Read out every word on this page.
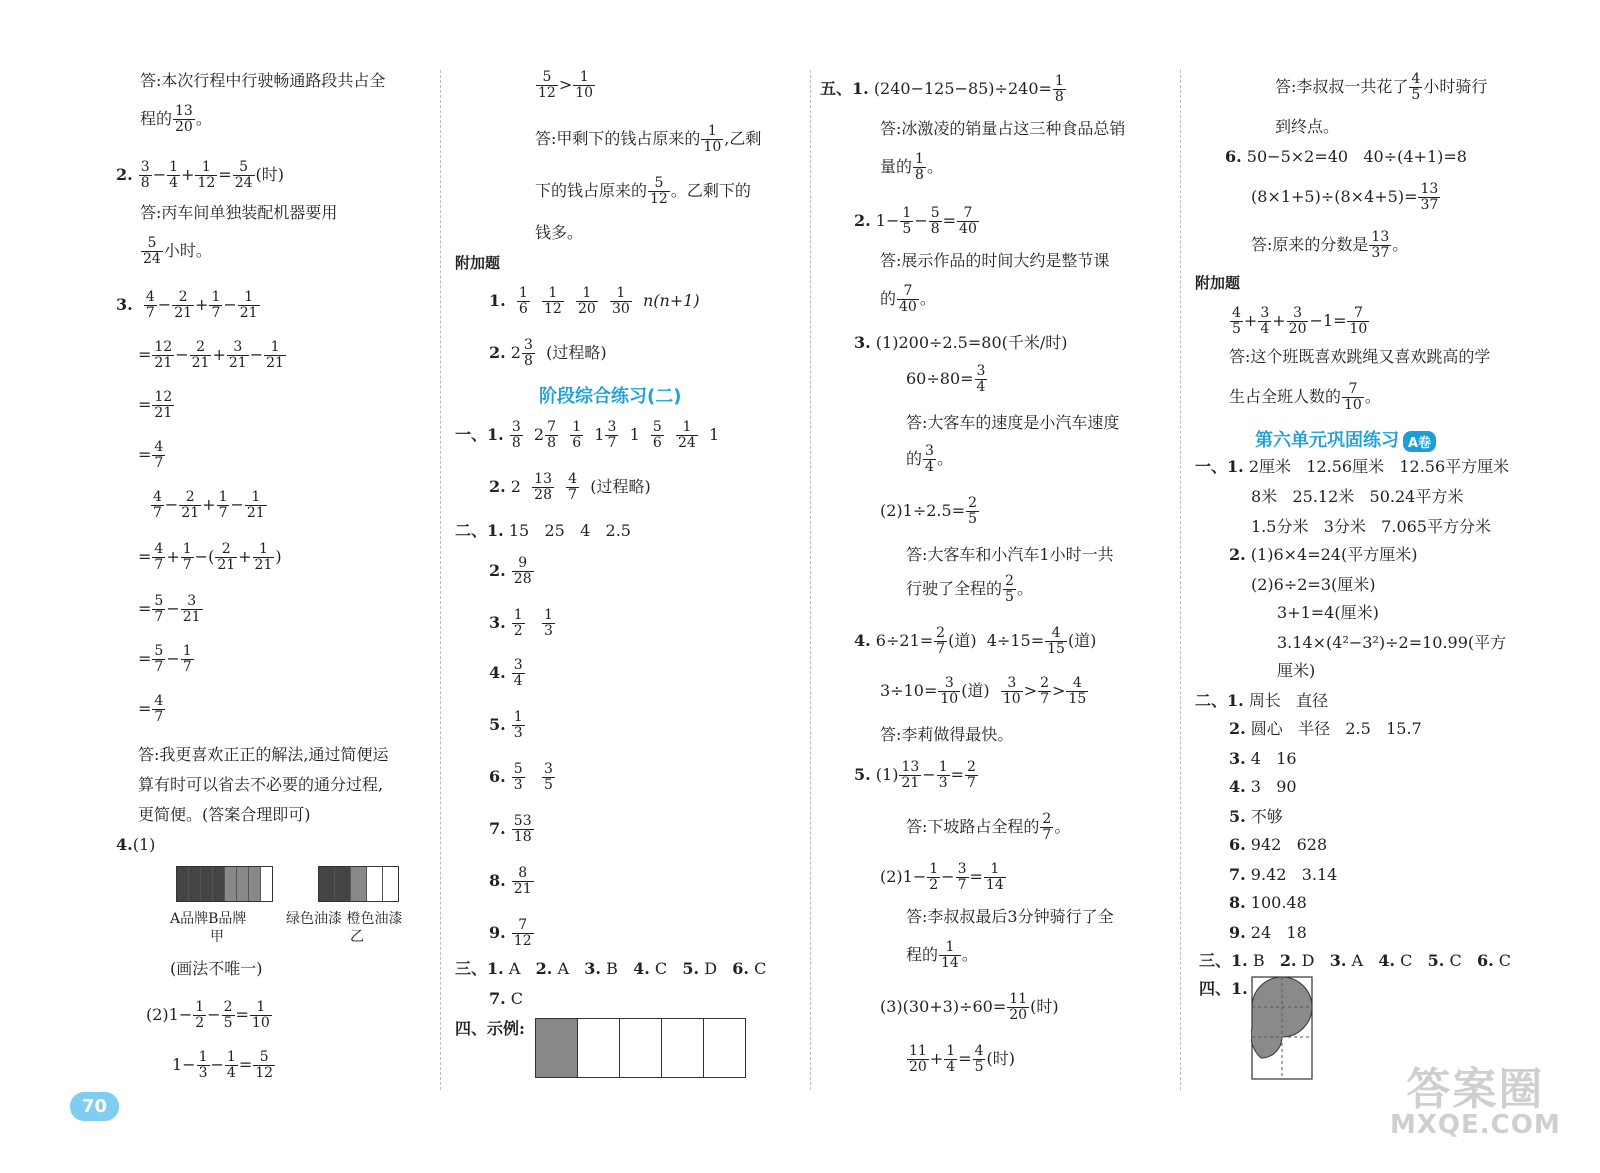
答:本次行程中行驶畅通路段共占全
程的 $\frac{13}{20}$ 。
2. $\frac{3}{8} - \frac{1}{4} + \frac{1}{12} = \frac{5}{24}$ (时)
答:丙车间单独装配机器要用
$\frac{5}{24}$ 小时。
3. $\frac{4}{7} - \frac{2}{21} + \frac{1}{7} - \frac{1}{21}$
= $\frac{12}{21} - \frac{2}{21} + \frac{3}{21} - \frac{1}{21}$
= $\frac{12}{21}$
= $\frac{4}{7}$
$\frac{4}{7} - \frac{2}{21} + \frac{1}{7} - \frac{1}{21}$
= $\frac{4}{7} + \frac{1}{7}$ −( $\frac{2}{21} + \frac{1}{21}$ )
= $\frac{5}{7} - \frac{3}{21}$
= $\frac{5}{7} - \frac{1}{7}$
= $\frac{4}{7}$
答:我更喜欢正正的解法,通过简便运
算有时可以省去不必要的通分过程,
更简便。(答案合理即可)
4.(1)
A品牌B品牌
甲
绿色油漆 橙色油漆
乙
(画法不唯一)
$(2)1- \frac{1}{2} - \frac{2}{5} = \frac{1}{10}$
$1- \frac{1}{3} - \frac{1}{4} = \frac{5}{12}$
$\frac{5}{12} > \frac{1}{10}$
答:甲剩下的钱占原来的 $\frac{1}{10}$ ,乙剩
下的钱占原来的 $\frac{5}{12}$ 。乙剩下的
钱多。
附加题
1. $\frac{1}{6}$
$\frac{1}{12}$
$\frac{1}{20}$
$\frac{1}{30} n(n+1)$
2. $2 \frac{3}{8}$ (过程略)
阶段综合练习(二)
一、1. $\frac{3}{8} 2 \frac{7}{8}$
$\frac{1}{6} 1 \frac{3}{7} 1 \frac{5}{6}$
$\frac{1}{24} 1$
2. $2 \frac{13}{28}$
$\frac{4}{7}$ (过程略)
二、1. 15 25 4 2.5
2. $\frac{9}{28}$
3. $\frac{1}{2}$
$\frac{1}{3}$
4. $\frac{3}{4}$
5. $\frac{1}{3}$
6. $\frac{5}{3}$
$\frac{3}{5}$
7. $\frac{53}{18}$
8. $\frac{8}{21}$
9. $\frac{7}{12}$
三、1. A 2. A 3. B 4. C 5. D 6. C
7. C
四、示例:
五、1. $(240-125-85)\div 240= \frac{1}{8}$
答:冰激凌的销量占这三种食品总销
量的 $\frac{1}{8}$ 。
2. $1- \frac{1}{5} - \frac{5}{8} = \frac{7}{40}$
答:展示作品的时间大约是整节课
的 $\frac{7}{40}$ 。
3. (1)200÷2.5=80(千米/时)
$60\div 80= \frac{3}{4}$
答:大客车的速度是小汽车速度
的 $\frac{3}{4}$ 。
$(2)1\div 2.5= \frac{2}{5}$
答:大客车和小汽车1小时一共
行驶了全程的 $\frac{2}{5}$ 。
4. $6\div 21= \frac{2}{7}$ (道) $4\div 15= \frac{4}{15}$ (道)
$3\div 10= \frac{3}{10}$ (道) $\frac{3}{10} > \frac{2}{7} > \frac{4}{15}$
答:李莉做得最快。
5. $(1) \frac{13}{21} - \frac{1}{3} = \frac{2}{7}$
答:下坡路占全程的 $\frac{2}{7}$ 。
$(2)1- \frac{1}{2} - \frac{3}{7} = \frac{1}{14}$
答:李叔叔最后3分钟骑行了全
程的 $\frac{1}{14}$ 。
$(3)(30+3)\div 60= \frac{11}{20}$ (时)
$\frac{11}{20} + \frac{1}{4} = \frac{4}{5}$ (时)
答:李叔叔一共花了 $\frac{4}{5}$ 小时骑行
到终点。
6. 50−5×2=40 40÷(4+1)=8
$(8\times 1+5)\div(8\times 4+5)= \frac{13}{37}$
答:原来的分数是 $\frac{13}{37}$ 。
附加题
$\frac{4}{5} + \frac{3}{4} + \frac{3}{20} -1= \frac{7}{10}$
答:这个班既喜欢跳绳又喜欢跳高的学
生占全班人数的 $\frac{7}{10}$ 。
第六单元巩固练习 A卷
一、1. 2厘米 12.56厘米 12.56平方厘米
8米 25.12米 50.24平方米
1.5分米 3分米 7.065平方分米
2. (1)6×4=24(平方厘米)
(2)6÷2=3(厘米)
3+1=4(厘米)
3.14×(4²−3²)÷2=10.99(平方
厘米)
二、1. 周长 直径
2. 圆心 半径 2.5 15.7
3. 4 16
4. 3 90
5. 不够
6. 942 628
7. 9.42 3.14
8. 100.48
9. 24 18
三、1. B 2. D 3. A 4. C 5. C 6. C
四、1.
70	答案圈
MXQE.COM
